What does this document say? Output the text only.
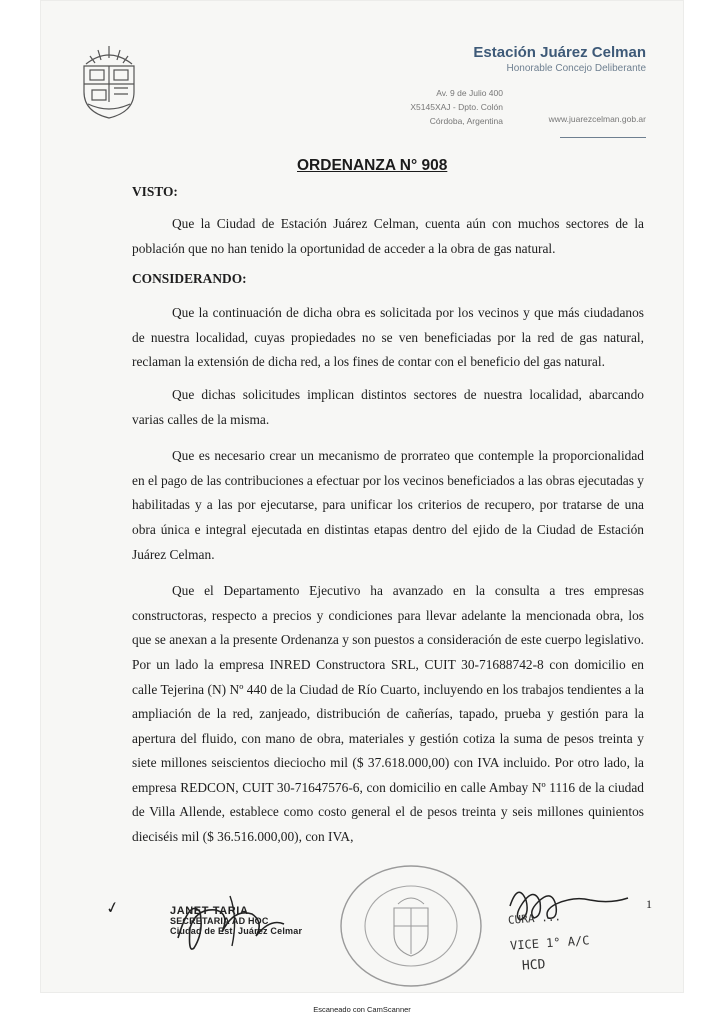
Estación Juárez Celman
Honorable Concejo Deliberante
Av. 9 de Julio 400
X5145XAJ - Dpto. Colón
Córdoba, Argentina	www.juarezcelman.gob.ar
ORDENANZA N° 908
VISTO:

Que la Ciudad de Estación Juárez Celman, cuenta aún con muchos sectores de la población que no han tenido la oportunidad de acceder a la obra de gas natural.

CONSIDERANDO:

Que la continuación de dicha obra es solicitada por los vecinos y que más ciudadanos de nuestra localidad, cuyas propiedades no se ven beneficiadas por la red de gas natural, reclaman la extensión de dicha red, a los fines de contar con el beneficio del gas natural.

Que dichas solicitudes implican distintos sectores de nuestra localidad, abarcando varias calles de la misma.

Que es necesario crear un mecanismo de prorrateo que contemple la proporcionalidad en el pago de las contribuciones a efectuar por los vecinos beneficiados a las obras ejecutadas y habilitadas y a las por ejecutarse, para unificar los criterios de recupero, por tratarse de una obra única e integral ejecutada en distintas etapas dentro del ejido de la Ciudad de Estación Juárez Celman.

Que el Departamento Ejecutivo ha avanzado en la consulta a tres empresas constructoras, respecto a precios y condiciones para llevar adelante la mencionada obra, los que se anexan a la presente Ordenanza y son puestos a consideración de este cuerpo legislativo. Por un lado la empresa INRED Constructora SRL, CUIT 30-71688742-8 con domicilio en calle Tejerina (N) Nº 440 de la Ciudad de Río Cuarto, incluyendo en los trabajos tendientes a la ampliación de la red, zanjeado, distribución de cañerías, tapado, prueba y gestión para la apertura del fluido, con mano de obra, materiales y gestión cotiza la suma de pesos treinta y siete millones seiscientos dieciocho mil ($ 37.618.000,00) con IVA incluido. Por otro lado, la empresa REDCON, CUIT 30-71647576-6, con domicilio en calle Ambay Nº 1116 de la ciudad de Villa Allende, establece como costo general el de pesos treinta y seis millones quinientos dieciséis mil ($ 36.516.000,00), con IVA,

1
✓	JANET TARIA
SECRETARIA AD HOC
Ciudad de Est. Juárez Celmar
CURA ...
VICE 1° A/C
HCD
Escaneado con CamScanner
